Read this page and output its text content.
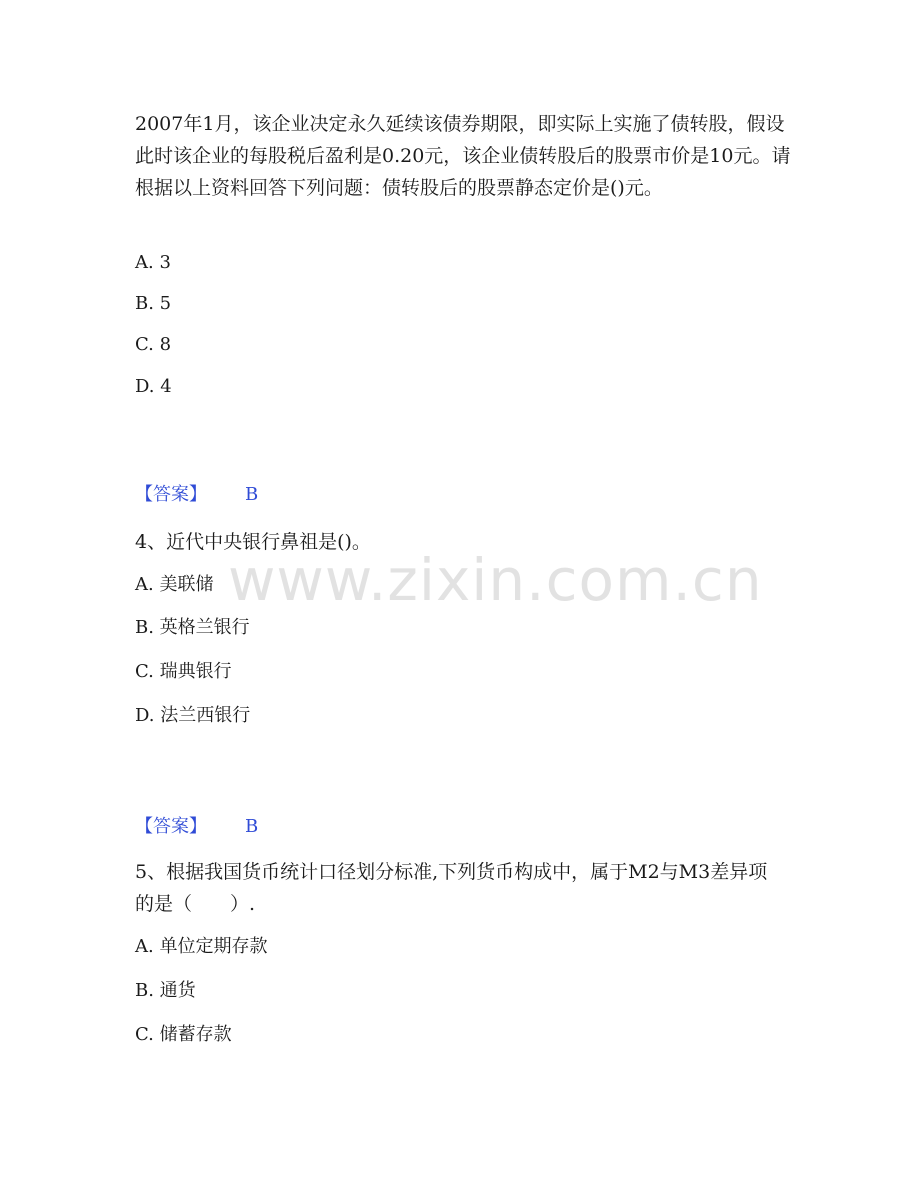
www.zixin.com.cn

2007年1月，该企业决定永久延续该债券期限，即实际上实施了债转股，假设此时该企业的每股税后盈利是0.20元，该企业债转股后的股票市价是10元。请根据以上资料回答下列问题：债转股后的股票静态定价是()元。

A. 3
B. 5
C. 8
D. 4
【答案】 B

4、近代中央银行鼻祖是()。

A. 美联储
B. 英格兰银行
C. 瑞典银行
D. 法兰西银行
【答案】 B

5、根据我国货币统计口径划分标准,下列货币构成中，属于M2与M3差异项的是（　　）.

A. 单位定期存款
B. 通货
C. 储蓄存款
